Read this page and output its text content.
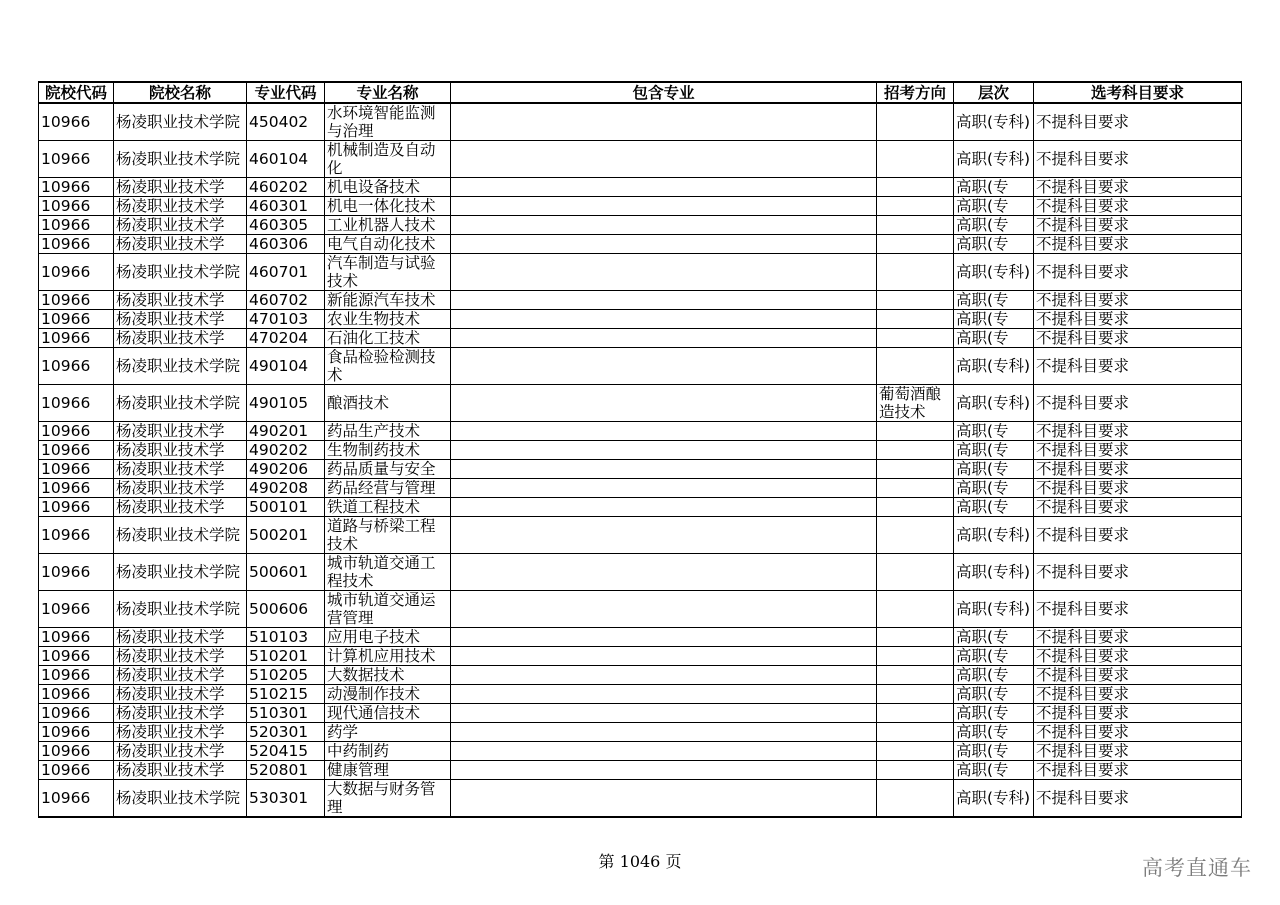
院校代码	院校名称	专业代码	专业名称	包含专业	招考方向	层次	选考科目要求
10966	杨凌职业技术学院	450402	水环境智能监测与治理			高职(专科)	不提科目要求
10966	杨凌职业技术学院	460104	机械制造及自动化			高职(专科)	不提科目要求
10966	杨凌职业技术学	460202	机电设备技术			高职(专	不提科目要求
10966	杨凌职业技术学	460301	机电一体化技术			高职(专	不提科目要求
10966	杨凌职业技术学	460305	工业机器人技术			高职(专	不提科目要求
10966	杨凌职业技术学	460306	电气自动化技术			高职(专	不提科目要求
10966	杨凌职业技术学院	460701	汽车制造与试验技术			高职(专科)	不提科目要求
10966	杨凌职业技术学	460702	新能源汽车技术			高职(专	不提科目要求
10966	杨凌职业技术学	470103	农业生物技术			高职(专	不提科目要求
10966	杨凌职业技术学	470204	石油化工技术			高职(专	不提科目要求
10966	杨凌职业技术学院	490104	食品检验检测技术			高职(专科)	不提科目要求
10966	杨凌职业技术学院	490105	酿酒技术		葡萄酒酿造技术	高职(专科)	不提科目要求
10966	杨凌职业技术学	490201	药品生产技术			高职(专	不提科目要求
10966	杨凌职业技术学	490202	生物制药技术			高职(专	不提科目要求
10966	杨凌职业技术学	490206	药品质量与安全			高职(专	不提科目要求
10966	杨凌职业技术学	490208	药品经营与管理			高职(专	不提科目要求
10966	杨凌职业技术学	500101	铁道工程技术			高职(专	不提科目要求
10966	杨凌职业技术学院	500201	道路与桥梁工程技术			高职(专科)	不提科目要求
10966	杨凌职业技术学院	500601	城市轨道交通工程技术			高职(专科)	不提科目要求
10966	杨凌职业技术学院	500606	城市轨道交通运营管理			高职(专科)	不提科目要求
10966	杨凌职业技术学	510103	应用电子技术			高职(专	不提科目要求
10966	杨凌职业技术学	510201	计算机应用技术			高职(专	不提科目要求
10966	杨凌职业技术学	510205	大数据技术			高职(专	不提科目要求
10966	杨凌职业技术学	510215	动漫制作技术			高职(专	不提科目要求
10966	杨凌职业技术学	510301	现代通信技术			高职(专	不提科目要求
10966	杨凌职业技术学	520301	药学			高职(专	不提科目要求
10966	杨凌职业技术学	520415	中药制药			高职(专	不提科目要求
10966	杨凌职业技术学	520801	健康管理			高职(专	不提科目要求
10966	杨凌职业技术学院	530301	大数据与财务管理			高职(专科)	不提科目要求
第 1046 页	高考直通车
